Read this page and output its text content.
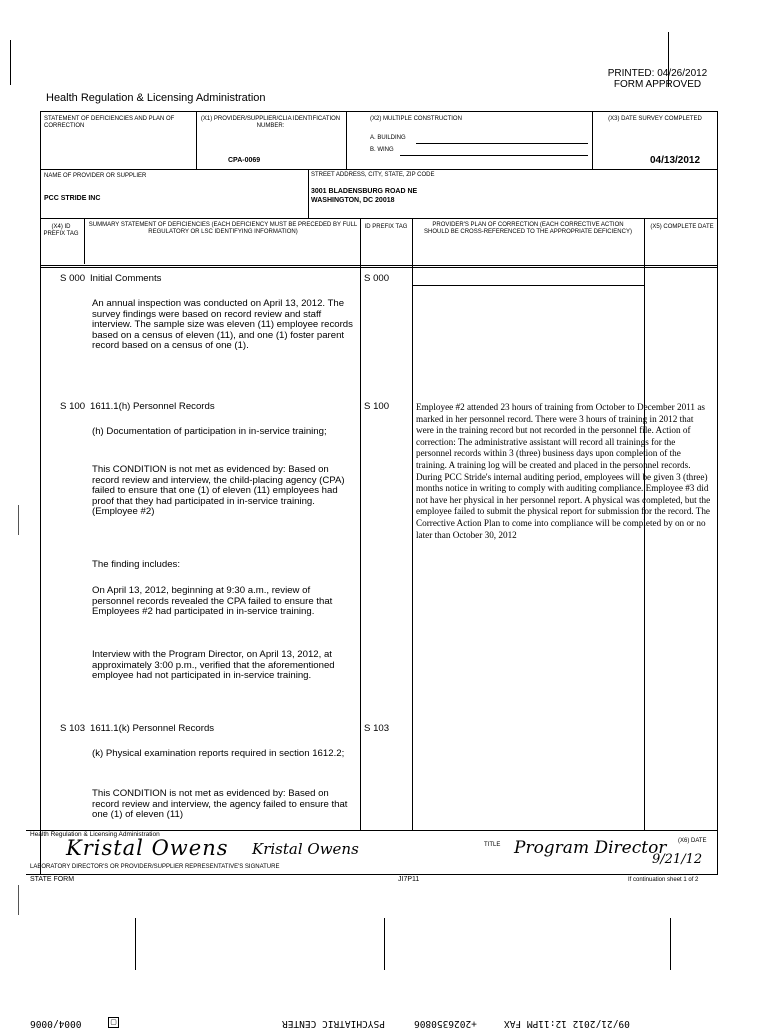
PRINTED: 04/26/2012
FORM APPROVED
Health Regulation & Licensing Administration
STATEMENT OF DEFICIENCIES AND PLAN OF CORRECTION
(X1) PROVIDER/SUPPLIER/CLIA IDENTIFICATION NUMBER:
CPA-0069
(X2) MULTIPLE CONSTRUCTION
A. BUILDING
B. WING
(X3) DATE SURVEY COMPLETED
04/13/2012
NAME OF PROVIDER OR SUPPLIER
PCC STRIDE INC
STREET ADDRESS, CITY, STATE, ZIP CODE
3001 BLADENSBURG ROAD NE
WASHINGTON, DC 20018
(X4) ID PREFIX TAG
SUMMARY STATEMENT OF DEFICIENCIES (EACH DEFICIENCY MUST BE PRECEDED BY FULL REGULATORY OR LSC IDENTIFYING INFORMATION)
ID PREFIX TAG	PROVIDER'S PLAN OF CORRECTION (EACH CORRECTIVE ACTION SHOULD BE CROSS-REFERENCED TO THE APPROPRIATE DEFICIENCY)
(X5) COMPLETE DATE
S 000 Initial Comments	S 000
An annual inspection was conducted on April 13, 2012. The survey findings were based on record review and staff interview. The sample size was eleven (11) employee records based on a census of eleven (11), and one (1) foster parent record based on a census of one (1).
S 100 1611.1(h) Personnel Records	S 100
(h) Documentation of participation in in-service training;
This CONDITION is not met as evidenced by: Based on record review and interview, the child-placing agency (CPA) failed to ensure that one (1) of eleven (11) employees had proof that they had participated in in-service training. (Employee #2)
The finding includes:
On April 13, 2012, beginning at 9:30 a.m., review of personnel records revealed the CPA failed to ensure that Employees #2 had participated in in-service training.
Interview with the Program Director, on April 13, 2012, at approximately 3:00 p.m., verified that the aforementioned employee had not participated in in-service training.
Employee #2 attended 23 hours of training from October to December 2011 as marked in her personnel record. There were 3 hours of training in 2012 that were in the training record but not recorded in the personnel file. Action of correction: The administrative assistant will record all trainings for the personnel records within 3 (three) business days upon completion of the training. A training log will be created and placed in the personnel records. During PCC Stride's internal auditing period, employees will be given 3 (three) months notice in writing to comply with auditing compliance. Employee #3 did not have her physical in her personnel report. A physical was completed, but the employee failed to submit the physical report for submission for the record. The Corrective Action Plan to come into compliance will be completed by on or no later than October 30, 2012
S 103 1611.1(k) Personnel Records	S 103
(k) Physical examination reports required in section 1612.2;
This CONDITION is not met as evidenced by: Based on record review and interview, the agency failed to ensure that one (1) of eleven (11)
Health Regulation & Licensing Administration
Kristal Owens Kristal Owens
LABORATORY DIRECTOR'S OR PROVIDER/SUPPLIER REPRESENTATIVE'S SIGNATURE
TITLE Program Director (X6) DATE
9/21/12
STATE FORM	JI7P11	If continuation sheet 1 of 2
09/21/2012 12:11PM FAX
+2026350806
PSYCHIATRIC CENTER
▢
0004/0006
